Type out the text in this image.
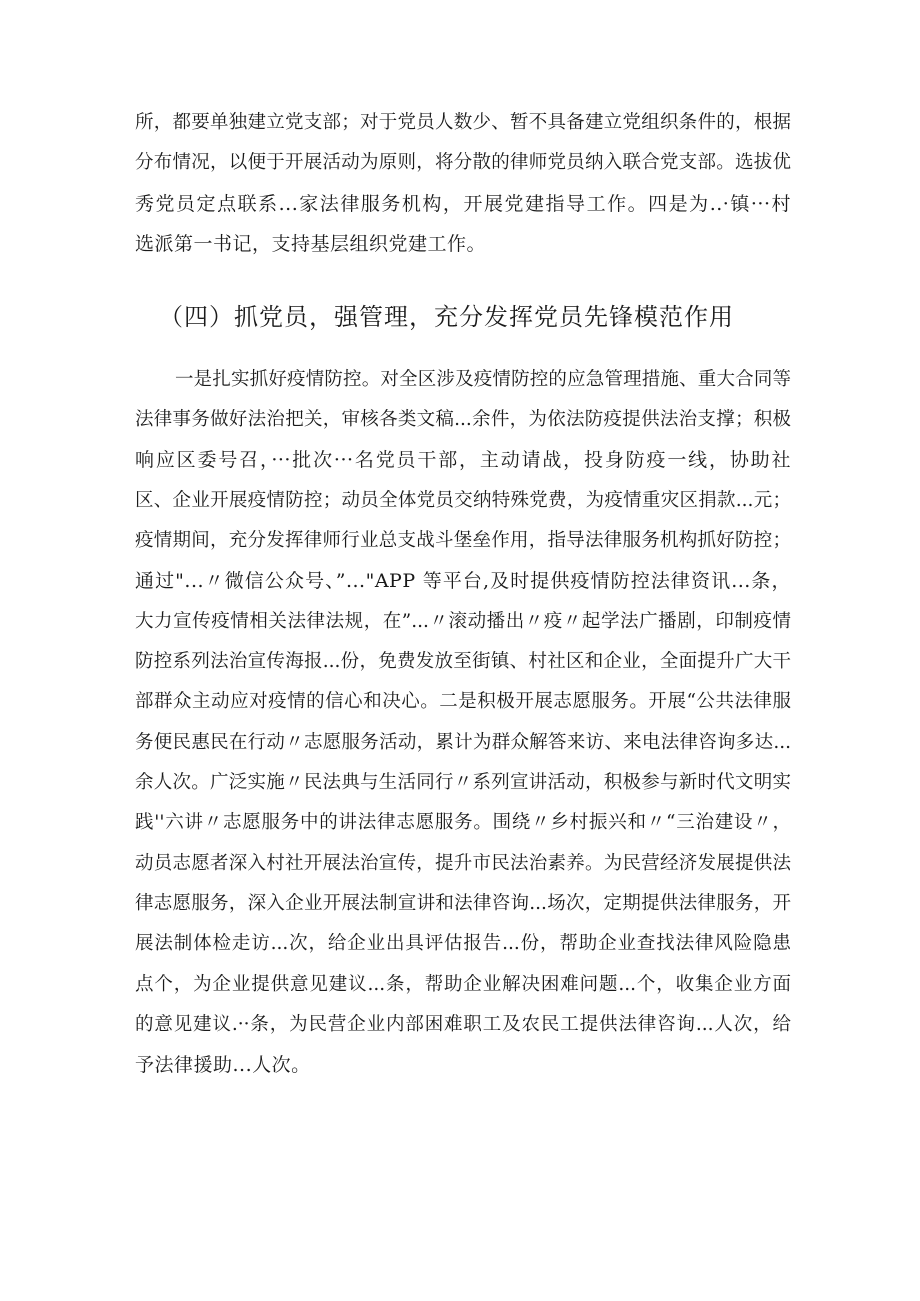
所，都要单独建立党支部；对于党员人数少、暂不具备建立党组织条件的，根据
分布情况，以便于开展活动为原则，将分散的律师党员纳入联合党支部。选拔优
秀党员定点联系...家法律服务机构，开展党建指导工作。四是为..·镇···村
选派第一书记，支持基层组织党建工作。
（四）抓党员，强管理，充分发挥党员先锋模范作用
一是扎实抓好疫情防控。对全区涉及疫情防控的应急管理措施、重大合同等
法律事务做好法治把关，审核各类文稿...余件，为依法防疫提供法治支撑；积极
响应区委号召，···批次···名党员干部，主动请战，投身防疫一线，协助社
区、企业开展疫情防控；动员全体党员交纳特殊党费，为疫情重灾区捐款...元；
疫情期间，充分发挥律师行业总支战斗堡垒作用，指导法律服务机构抓好防控；
通过"...〃微信公众号、”..."APP 等平台,及时提供疫情防控法律资讯...条，
大力宣传疫情相关法律法规，在”...〃滚动播出〃疫〃起学法广播剧，印制疫情
防控系列法治宣传海报...份，免费发放至街镇、村社区和企业，全面提升广大干
部群众主动应对疫情的信心和决心。二是积极开展志愿服务。开展“公共法律服
务便民惠民在行动〃志愿服务活动，累计为群众解答来访、来电法律咨询多达...
余人次。广泛实施〃民法典与生活同行〃系列宣讲活动，积极参与新时代文明实
践''六讲〃志愿服务中的讲法律志愿服务。围绕〃乡村振兴和〃“三治建设〃，
动员志愿者深入村社开展法治宣传，提升市民法治素养。为民营经济发展提供法
律志愿服务，深入企业开展法制宣讲和法律咨询...场次，定期提供法律服务，开
展法制体检走访...次，给企业出具评估报告...份，帮助企业查找法律风险隐患
点个，为企业提供意见建议...条，帮助企业解决困难问题...个，收集企业方面
的意见建议.··条，为民营企业内部困难职工及农民工提供法律咨询...人次，给
予法律援助...人次。
